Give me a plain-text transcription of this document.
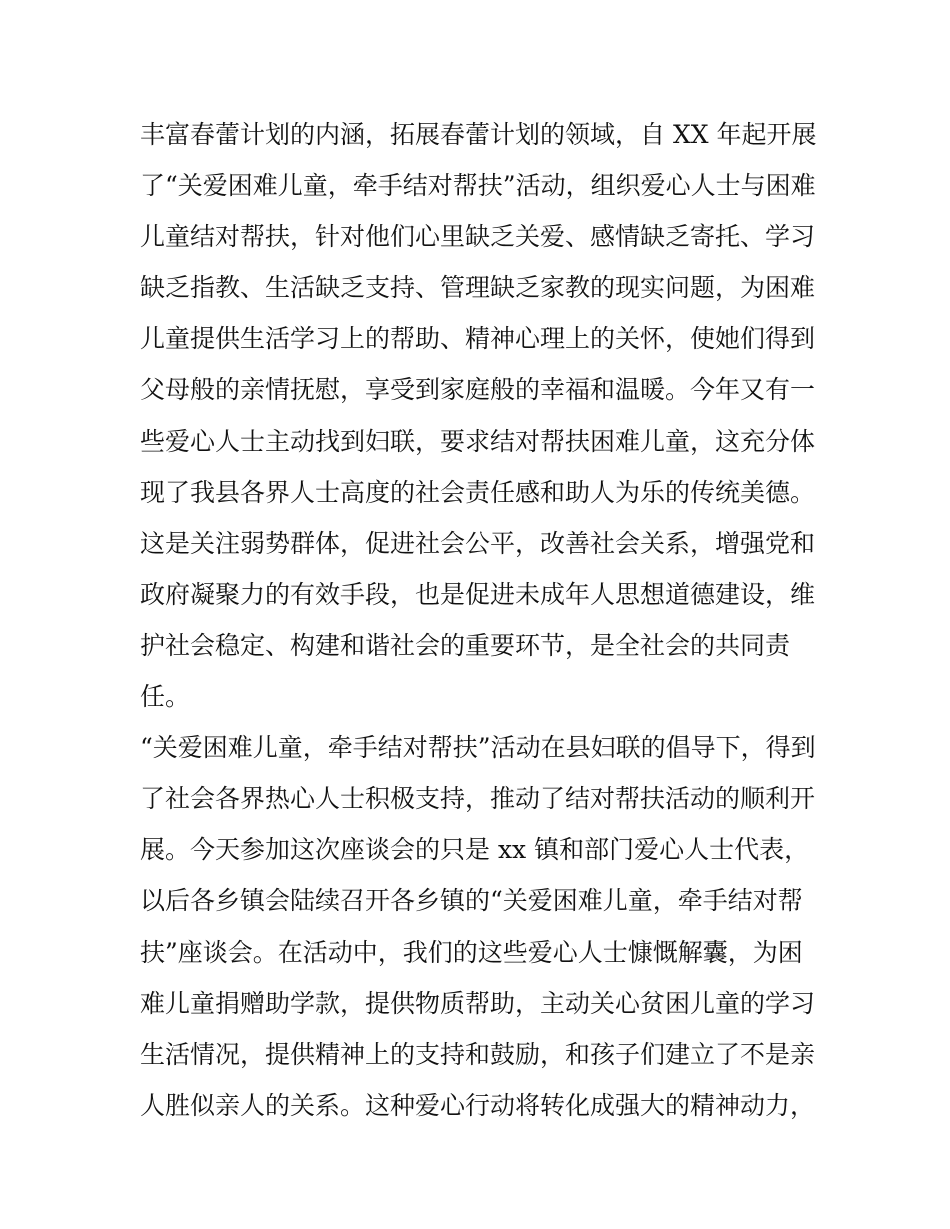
丰富春蕾计划的内涵，拓展春蕾计划的领域，自 XX 年起开展
了“关爱困难儿童，牵手结对帮扶”活动，组织爱心人士与困难
儿童结对帮扶，针对他们心里缺乏关爱、感情缺乏寄托、学习
缺乏指教、生活缺乏支持、管理缺乏家教的现实问题，为困难
儿童提供生活学习上的帮助、精神心理上的关怀，使她们得到
父母般的亲情抚慰，享受到家庭般的幸福和温暖。今年又有一
些爱心人士主动找到妇联，要求结对帮扶困难儿童，这充分体
现了我县各界人士高度的社会责任感和助人为乐的传统美德。
这是关注弱势群体，促进社会公平，改善社会关系，增强党和
政府凝聚力的有效手段，也是促进未成年人思想道德建设，维
护社会稳定、构建和谐社会的重要环节，是全社会的共同责
任。
“关爱困难儿童，牵手结对帮扶”活动在县妇联的倡导下，得到
了社会各界热心人士积极支持，推动了结对帮扶活动的顺利开
展。今天参加这次座谈会的只是 xx 镇和部门爱心人士代表，
以后各乡镇会陆续召开各乡镇的“关爱困难儿童，牵手结对帮
扶”座谈会。在活动中，我们的这些爱心人士慷慨解囊，为困
难儿童捐赠助学款，提供物质帮助，主动关心贫困儿童的学习
生活情况，提供精神上的支持和鼓励，和孩子们建立了不是亲
人胜似亲人的关系。这种爱心行动将转化成强大的精神动力，
